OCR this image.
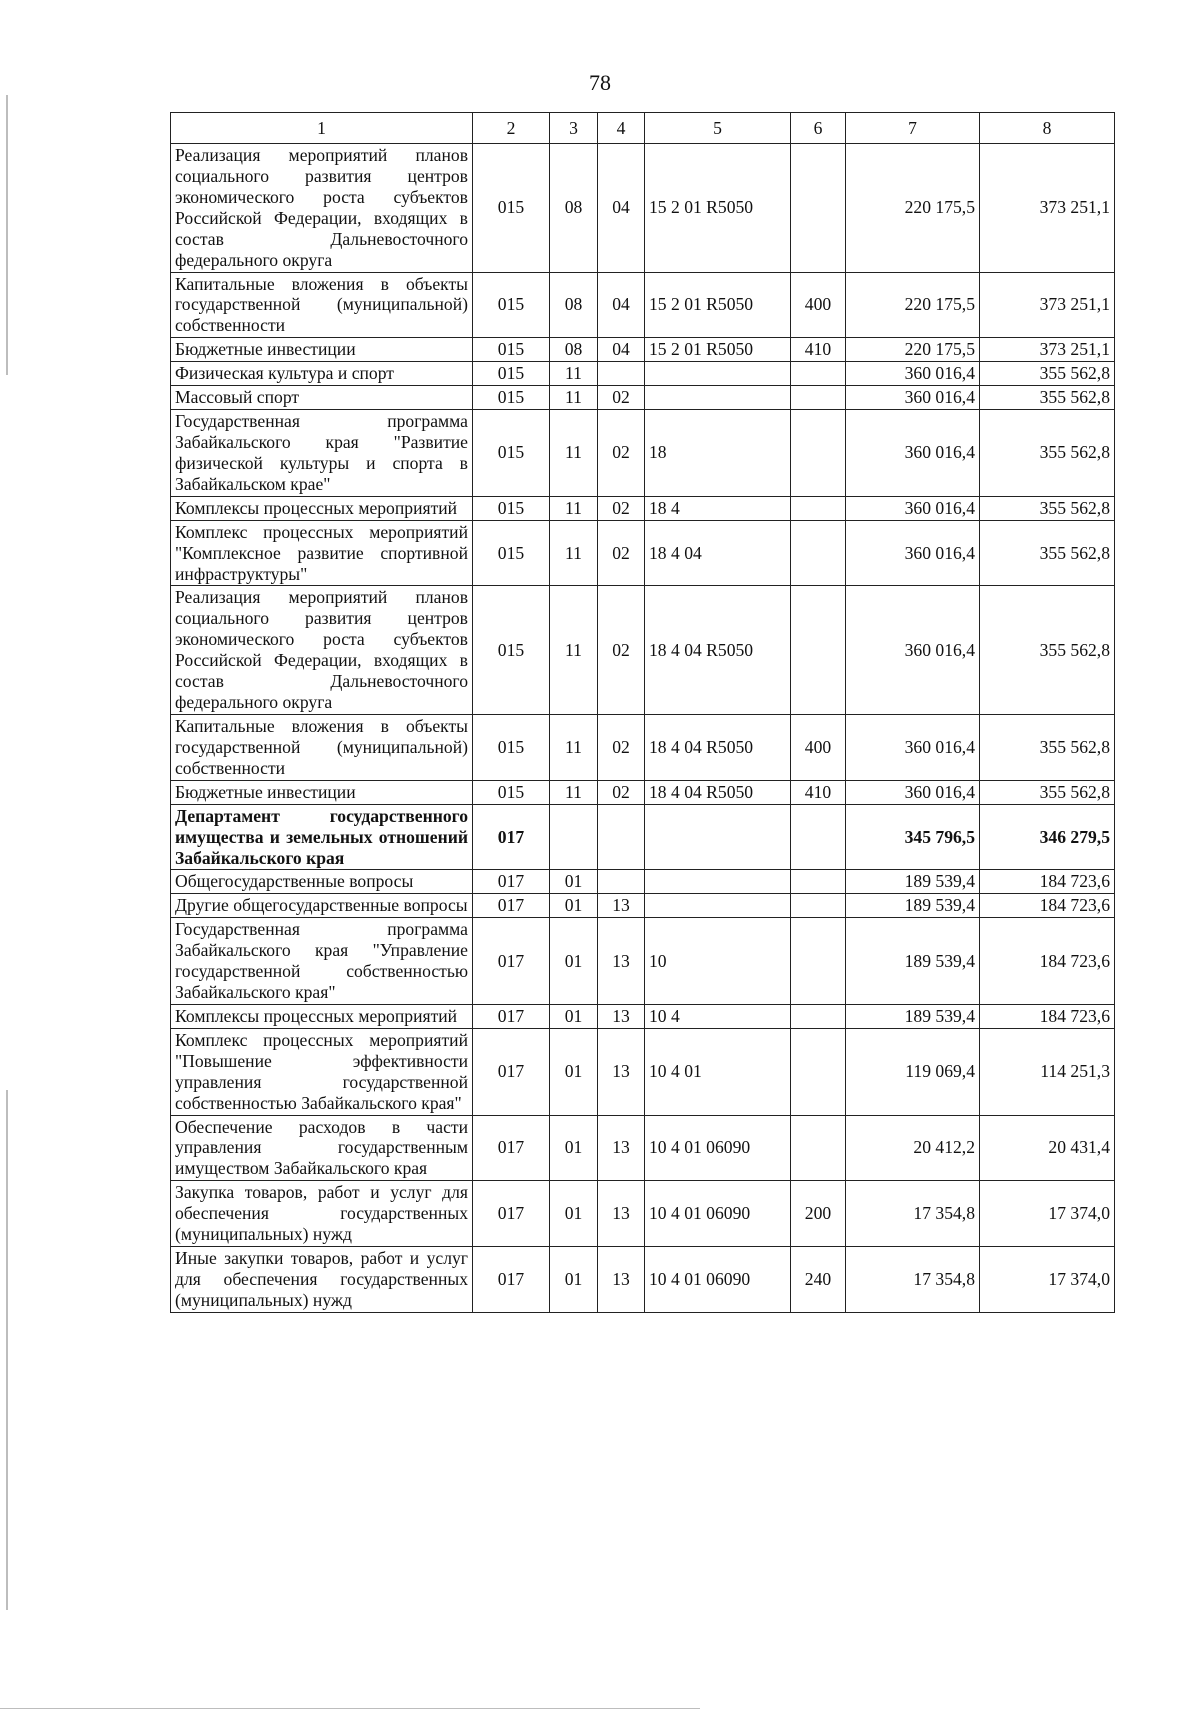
78
1	2	3	4	5	6	7	8
Реализация мероприятий планов социального развития центров экономического роста субъектов Российской Федерации, входящих в состав Дальневосточного федерального округа	015	08	04	15 2 01 R5050		220 175,5	373 251,1
Капитальные вложения в объекты государственной (муниципальной) собственности	015	08	04	15 2 01 R5050	400	220 175,5	373 251,1
Бюджетные инвестиции	015	08	04	15 2 01 R5050	410	220 175,5	373 251,1
Физическая культура и спорт	015	11				360 016,4	355 562,8
Массовый спорт	015	11	02			360 016,4	355 562,8
Государственная программа Забайкальского края "Развитие физической культуры и спорта в Забайкальском крае"	015	11	02	18		360 016,4	355 562,8
Комплексы процессных мероприятий	015	11	02	18 4		360 016,4	355 562,8
Комплекс процессных мероприятий "Комплексное развитие спортивной инфраструктуры"	015	11	02	18 4 04		360 016,4	355 562,8
Реализация мероприятий планов социального развития центров экономического роста субъектов Российской Федерации, входящих в состав Дальневосточного федерального округа	015	11	02	18 4 04 R5050		360 016,4	355 562,8
Капитальные вложения в объекты государственной (муниципальной) собственности	015	11	02	18 4 04 R5050	400	360 016,4	355 562,8
Бюджетные инвестиции	015	11	02	18 4 04 R5050	410	360 016,4	355 562,8
Департамент государственного имущества и земельных отношений Забайкальского края	017					345 796,5	346 279,5
Общегосударственные вопросы	017	01				189 539,4	184 723,6
Другие общегосударственные вопросы	017	01	13			189 539,4	184 723,6
Государственная программа Забайкальского края "Управление государственной собственностью Забайкальского края"	017	01	13	10		189 539,4	184 723,6
Комплексы процессных мероприятий	017	01	13	10 4		189 539,4	184 723,6
Комплекс процессных мероприятий "Повышение эффективности управления государственной собственностью Забайкальского края"	017	01	13	10 4 01		119 069,4	114 251,3
Обеспечение расходов в части управления государственным имуществом Забайкальского края	017	01	13	10 4 01 06090		20 412,2	20 431,4
Закупка товаров, работ и услуг для обеспечения государственных (муниципальных) нужд	017	01	13	10 4 01 06090	200	17 354,8	17 374,0
Иные закупки товаров, работ и услуг для обеспечения государственных (муниципальных) нужд	017	01	13	10 4 01 06090	240	17 354,8	17 374,0
